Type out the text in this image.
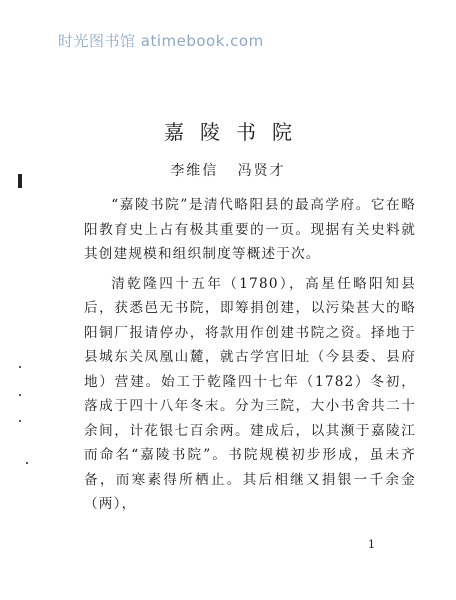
时光图书馆 atimebook.com
嘉陵书院
李维信   冯贤才

“嘉陵书院”是清代略阳县的最高学府。它在略阳教育史上占有极其重要的一页。现据有关史料就其创建规模和组织制度等概述于次。

清乾隆四十五年（1780），高星任略阳知县后，获悉邑无书院，即筹捐创建，以污染甚大的略阳铜厂报请停办，将款用作创建书院之资。择地于县城东关凤凰山麓，就古学宫旧址（今县委、县府地）营建。始工于乾隆四十七年（1782）冬初，落成于四十八年冬末。分为三院，大小书舍共二十余间，计花银七百余两。建成后，以其濒于嘉陵江而命名“嘉陵书院”。书院规模初步形成，虽未齐备，而寒素得所栖止。其后相继又捐银一千余金（两），

1
